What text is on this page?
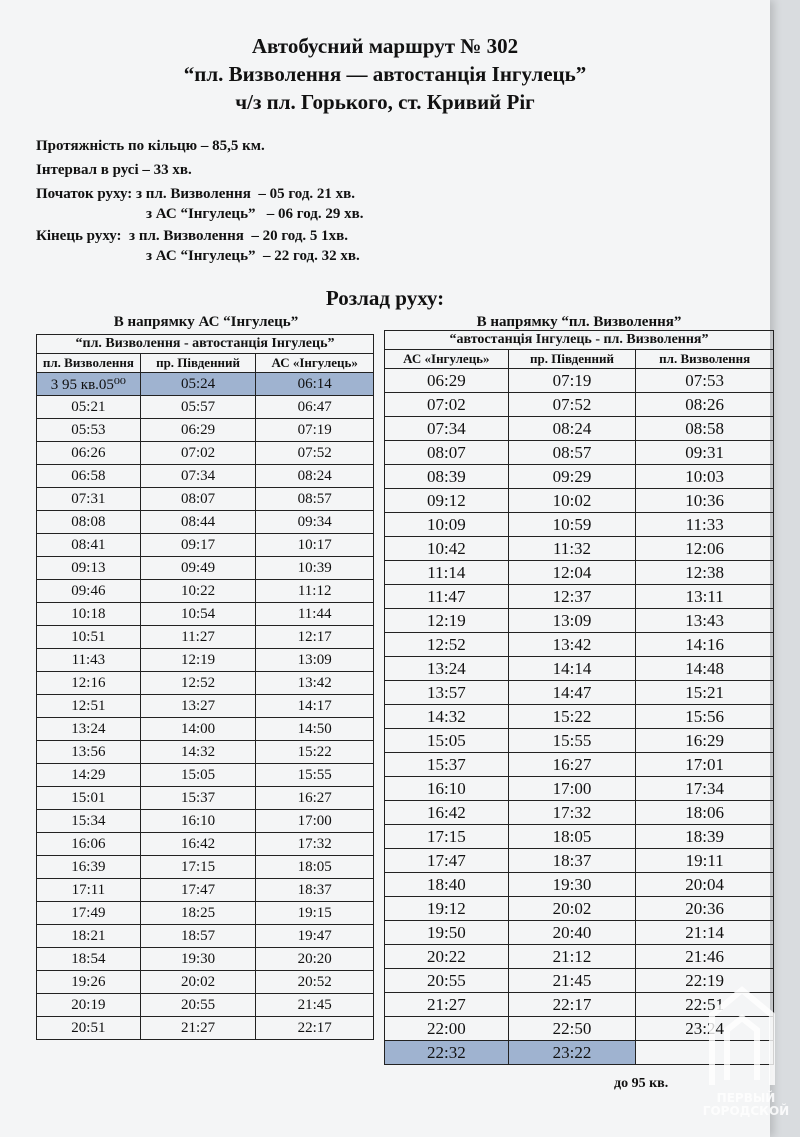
Автобусний маршрут № 302
“пл. Визволення — автостанція Інгулець”
ч/з пл. Горького, ст. Кривий Ріг
Протяжність по кільцю – 85,5 км.
Інтервал в русі – 33 хв.
Початок руху: з пл. Визволення  – 05 год. 21 хв.
з АС “Інгулець”   – 06 год. 29 хв.
Кінець руху:  з пл. Визволення  – 20 год. 5 1хв.
з АС “Інгулець”  – 22 год. 32 хв.
Розлад руху:
В напрямку АС “Інгулець”	В напрямку “пл. Визволення”
“пл. Визволення - автостанція Інгулець”		
пл. Визволення	пр. Південний	АС «Інгулець»
3 95 кв.05⁰⁰	05:24	06:14
05:21	05:57	06:47
05:53	06:29	07:19
06:26	07:02	07:52
06:58	07:34	08:24
07:31	08:07	08:57
08:08	08:44	09:34
08:41	09:17	10:17
09:13	09:49	10:39
09:46	10:22	11:12
10:18	10:54	11:44
10:51	11:27	12:17
11:43	12:19	13:09
12:16	12:52	13:42
12:51	13:27	14:17
13:24	14:00	14:50
13:56	14:32	15:22
14:29	15:05	15:55
15:01	15:37	16:27
15:34	16:10	17:00
16:06	16:42	17:32
16:39	17:15	18:05
17:11	17:47	18:37
17:49	18:25	19:15
18:21	18:57	19:47
18:54	19:30	20:20
19:26	20:02	20:52
20:19	20:55	21:45
20:51	21:27	22:17
“автостанція Інгулець - пл. Визволення”		
АС «Інгулець»	пр. Південний	пл. Визволення
06:29	07:19	07:53
07:02	07:52	08:26
07:34	08:24	08:58
08:07	08:57	09:31
08:39	09:29	10:03
09:12	10:02	10:36
10:09	10:59	11:33
10:42	11:32	12:06
11:14	12:04	12:38
11:47	12:37	13:11
12:19	13:09	13:43
12:52	13:42	14:16
13:24	14:14	14:48
13:57	14:47	15:21
14:32	15:22	15:56
15:05	15:55	16:29
15:37	16:27	17:01
16:10	17:00	17:34
16:42	17:32	18:06
17:15	18:05	18:39
17:47	18:37	19:11
18:40	19:30	20:04
19:12	20:02	20:36
19:50	20:40	21:14
20:22	21:12	21:46
20:55	21:45	22:19
21:27	22:17	22:51
22:00	22:50	23:24
22:32	23:22	
до 95 кв.
ПЕРВЫЙ
ГОРОДСКОЙ
